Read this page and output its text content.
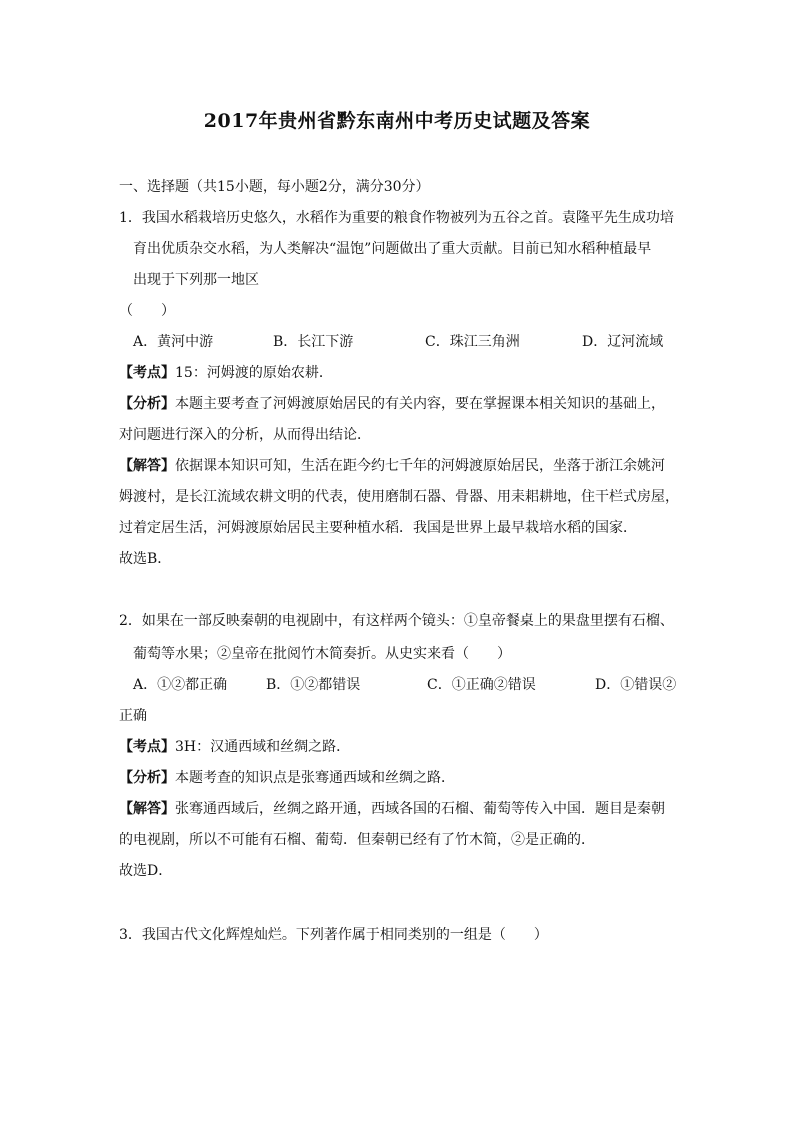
2017年贵州省黔东南州中考历史试题及答案
一、选择题（共15小题，每小题2分，满分30分）
1．我国水稻栽培历史悠久，水稻作为重要的粮食作物被列为五谷之首。袁隆平先生成功培
育出优质杂交水稻，为人类解决“温饱”问题做出了重大贡献。目前已知水稻种植最早
出现于下列那一地区
（　　）
A．黄河中游	B．长江下游	C．珠江三角洲	D．辽河流域
【考点】15：河姆渡的原始农耕．
【分析】本题主要考查了河姆渡原始居民的有关内容，要在掌握课本相关知识的基础上，
对问题进行深入的分析，从而得出结论．
【解答】依据课本知识可知，生活在距今约七千年的河姆渡原始居民，坐落于浙江余姚河
姆渡村，是长江流域农耕文明的代表，使用磨制石器、骨器、用耒耜耕地，住干栏式房屋，
过着定居生活，河姆渡原始居民主要种植水稻．我国是世界上最早栽培水稻的国家．
故选B．
2．如果在一部反映秦朝的电视剧中，有这样两个镜头：①皇帝餐桌上的果盘里摆有石榴、
葡萄等水果；②皇帝在批阅竹木简奏折。从史实来看（　　）
A．①②都正确	B．①②都错误	C．①正确②错误	D．①错误②
正确
【考点】3H：汉通西域和丝绸之路．
【分析】本题考查的知识点是张骞通西域和丝绸之路．
【解答】张骞通西域后，丝绸之路开通，西域各国的石榴、葡萄等传入中国．题目是秦朝
的电视剧，所以不可能有石榴、葡萄．但秦朝已经有了竹木简，②是正确的．
故选D．
3．我国古代文化辉煌灿烂。下列著作属于相同类别的一组是（　　）
